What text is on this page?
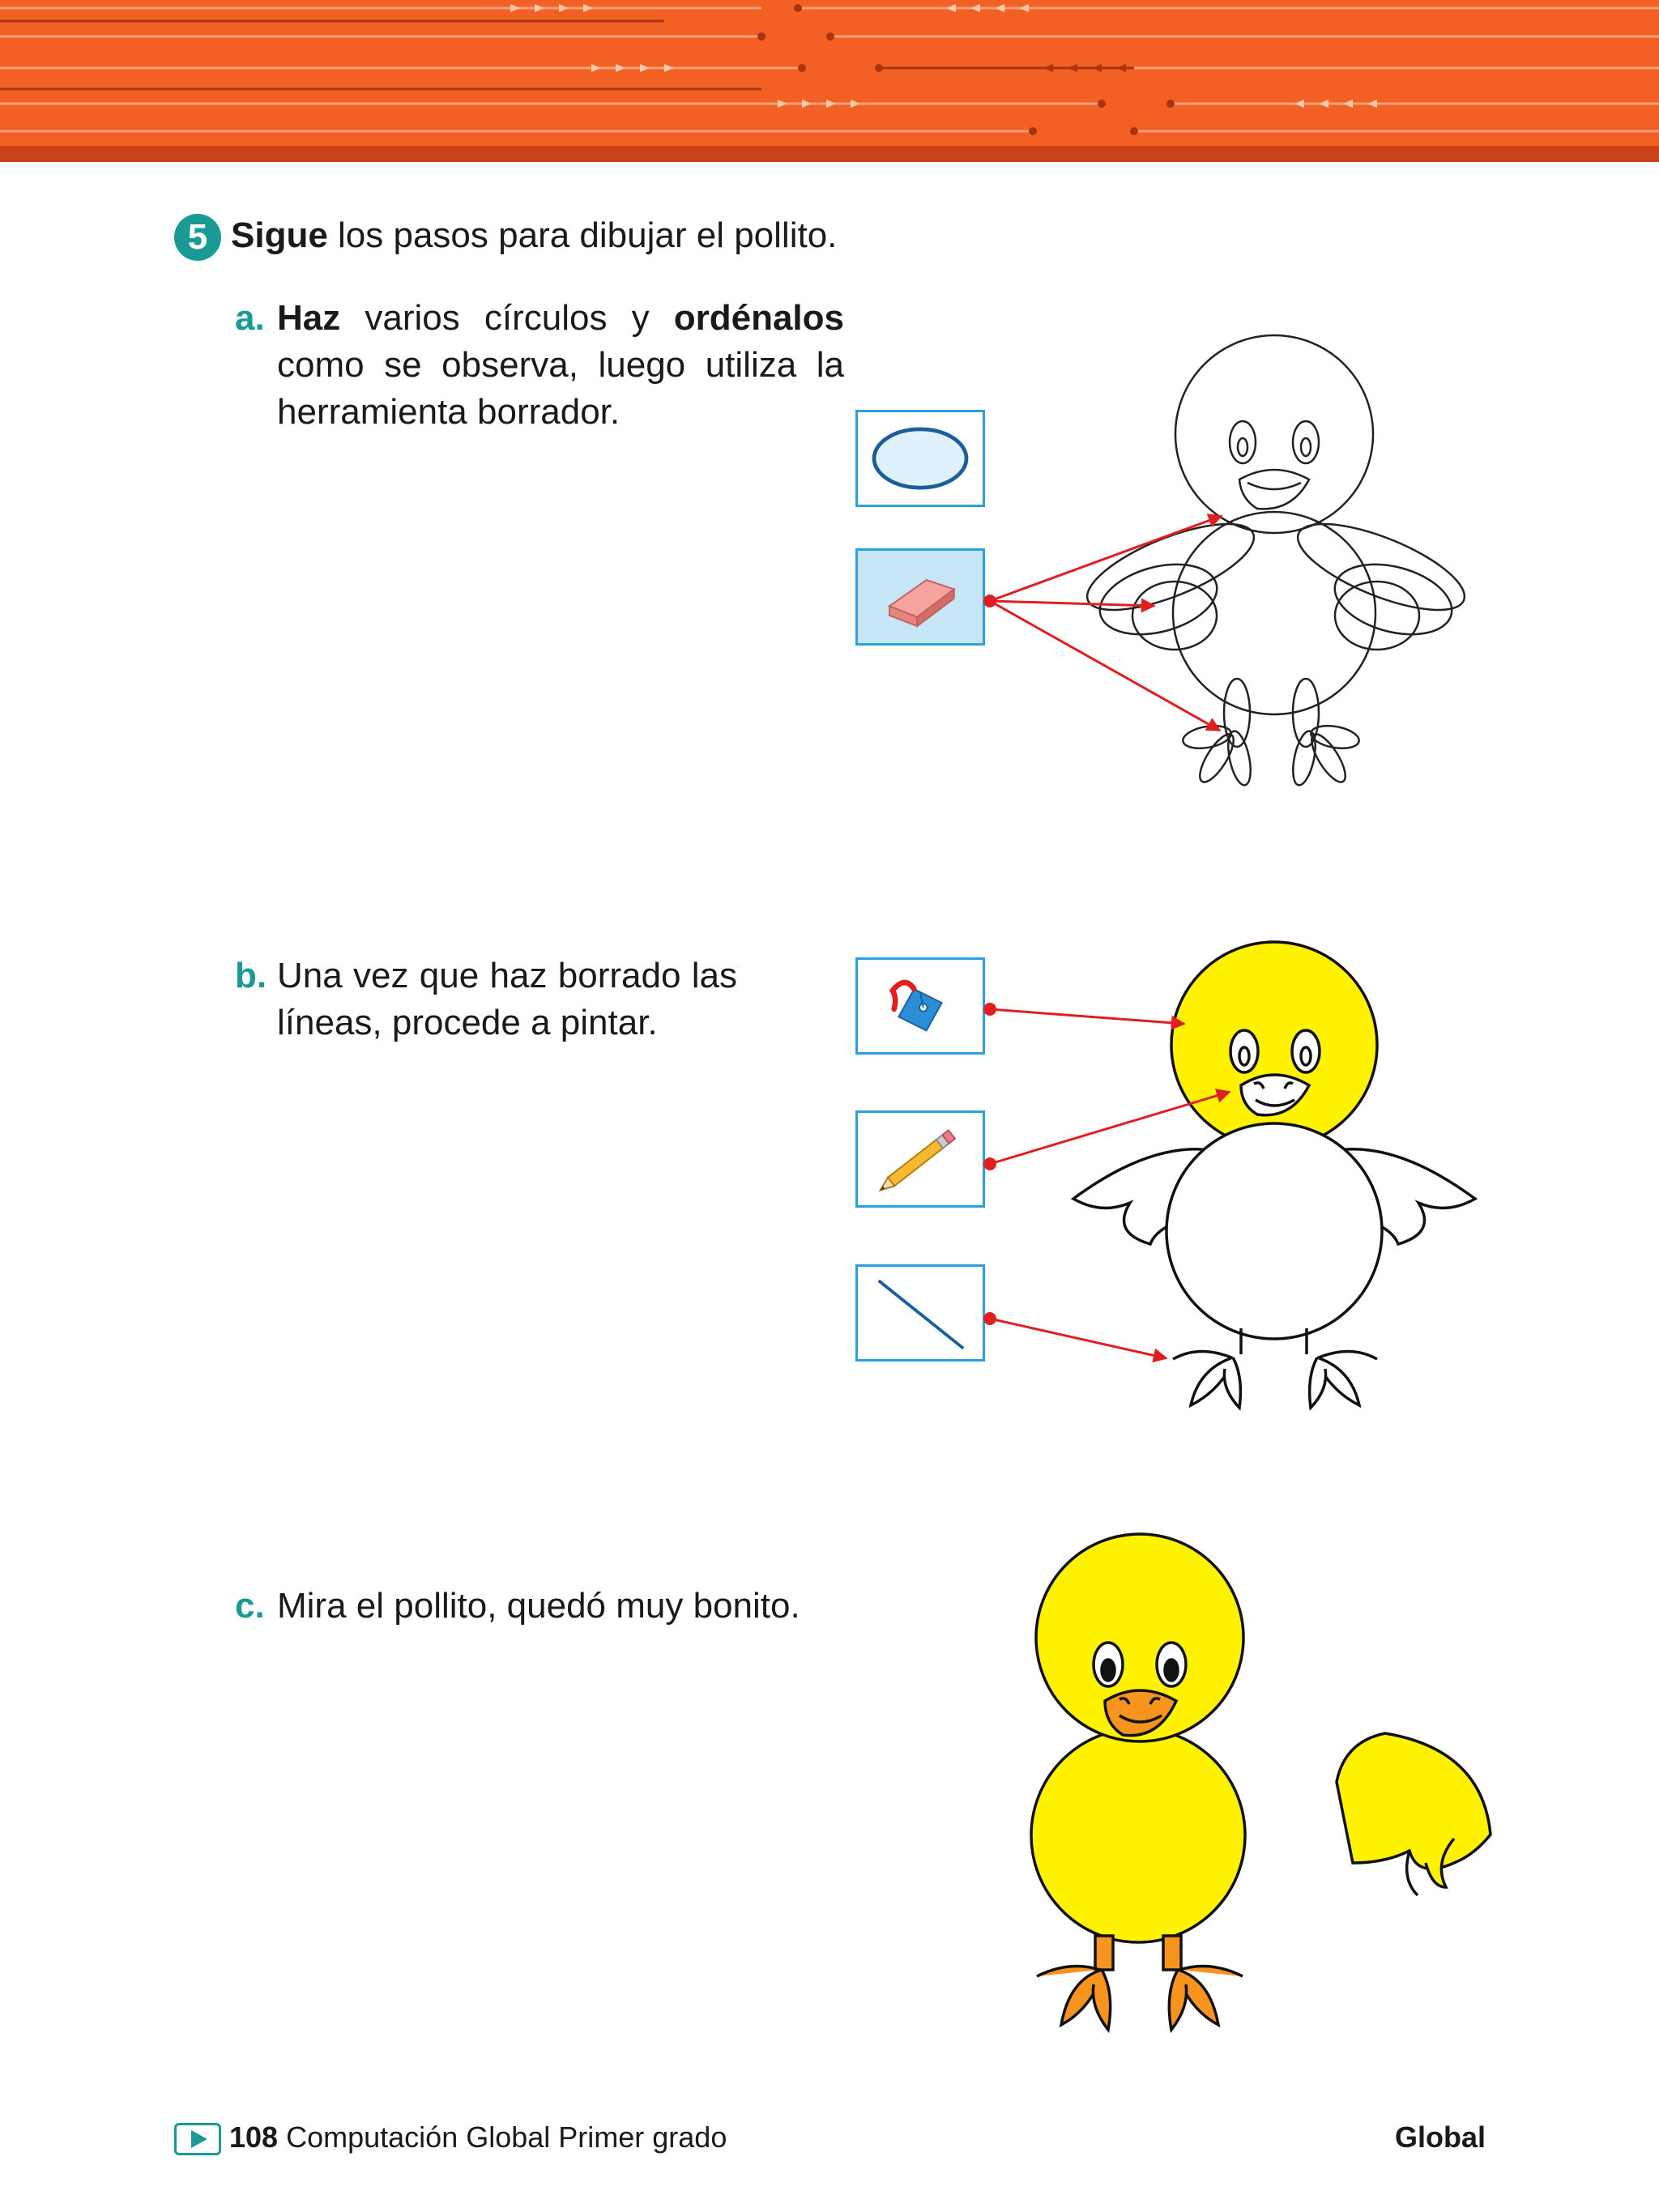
5 Sigue los pasos para dibujar el pollito.
a. Haz varios círculos y ordénalos como se observa, luego utiliza la herramienta borrador.
b. Una vez que haz borrado las líneas, procede a pintar.
c. Mira el pollito, quedó muy bonito.
108 Computación Global Primer grado	Global
